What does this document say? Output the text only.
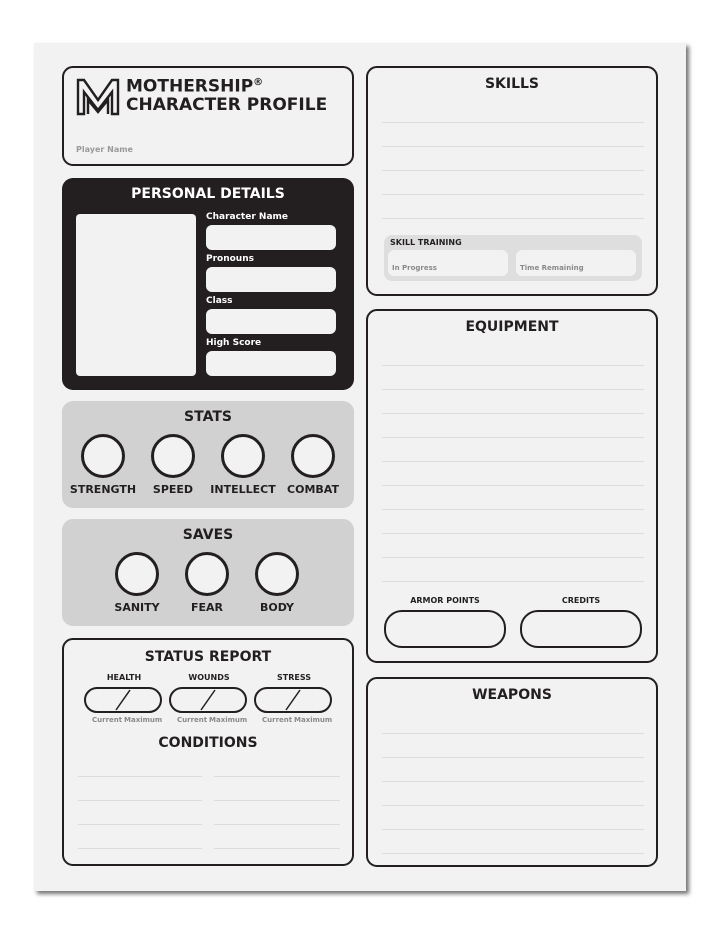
MOTHERSHIP®
CHARACTER PROFILE
Player Name
PERSONAL DETAILS
Character Name
Pronouns
Class
High Score
STATS
STRENGTH	SPEED	INTELLECT	COMBAT
SAVES
SANITY	FEAR	BODY
STATUS REPORT
HEALTH
Current Maximum
WOUNDS
Current Maximum
STRESS
Current Maximum
CONDITIONS
SKILLS
SKILL TRAINING
In Progress	Time Remaining
EQUIPMENT
ARMOR POINTS	CREDITS
WEAPONS
